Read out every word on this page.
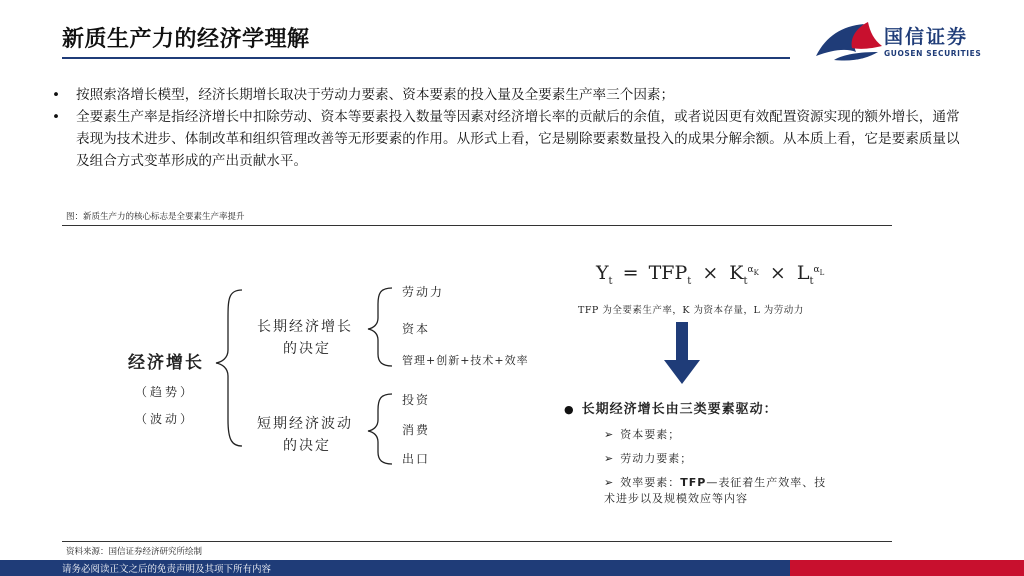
新质生产力的经济学理解	国信证券
GUOSEN SECURITIES
•	按照索洛增长模型，经济长期增长取决于劳动力要素、资本要素的投入量及全要素生产率三个因素；
•	全要素生产率是指经济增长中扣除劳动、资本等要素投入数量等因素对经济增长率的贡献后的余值，或者说因更有效配置资源实现的额外增长，通常表现为技术进步、体制改革和组织管理改善等无形要素的作用。从形式上看，它是剔除要素数量投入的成果分解余额。从本质上看，它是要素质量以及组合方式变革形成的产出贡献水平。
图：新质生产力的核心标志是全要素生产率提升
经济增长
（趋势）
（波动）
长期经济增长
的决定
劳动力
资本
管理+创新+技术+效率
短期经济波动
的决定
投资
消费
出口
$Y_t = TFP_t \times K_t^{\alpha_K} \times L_t^{\alpha_L}$
TFP 为全要素生产率，K 为资本存量，L 为劳动力
● 长期经济增长由三类要素驱动：
➢ 资本要素；
➢ 劳动力要素；
➢ 效率要素：TFP—表征着生产效率、技
术进步以及规模效应等内容
资料来源：国信证券经济研究所绘制
请务必阅读正文之后的免责声明及其项下所有内容
